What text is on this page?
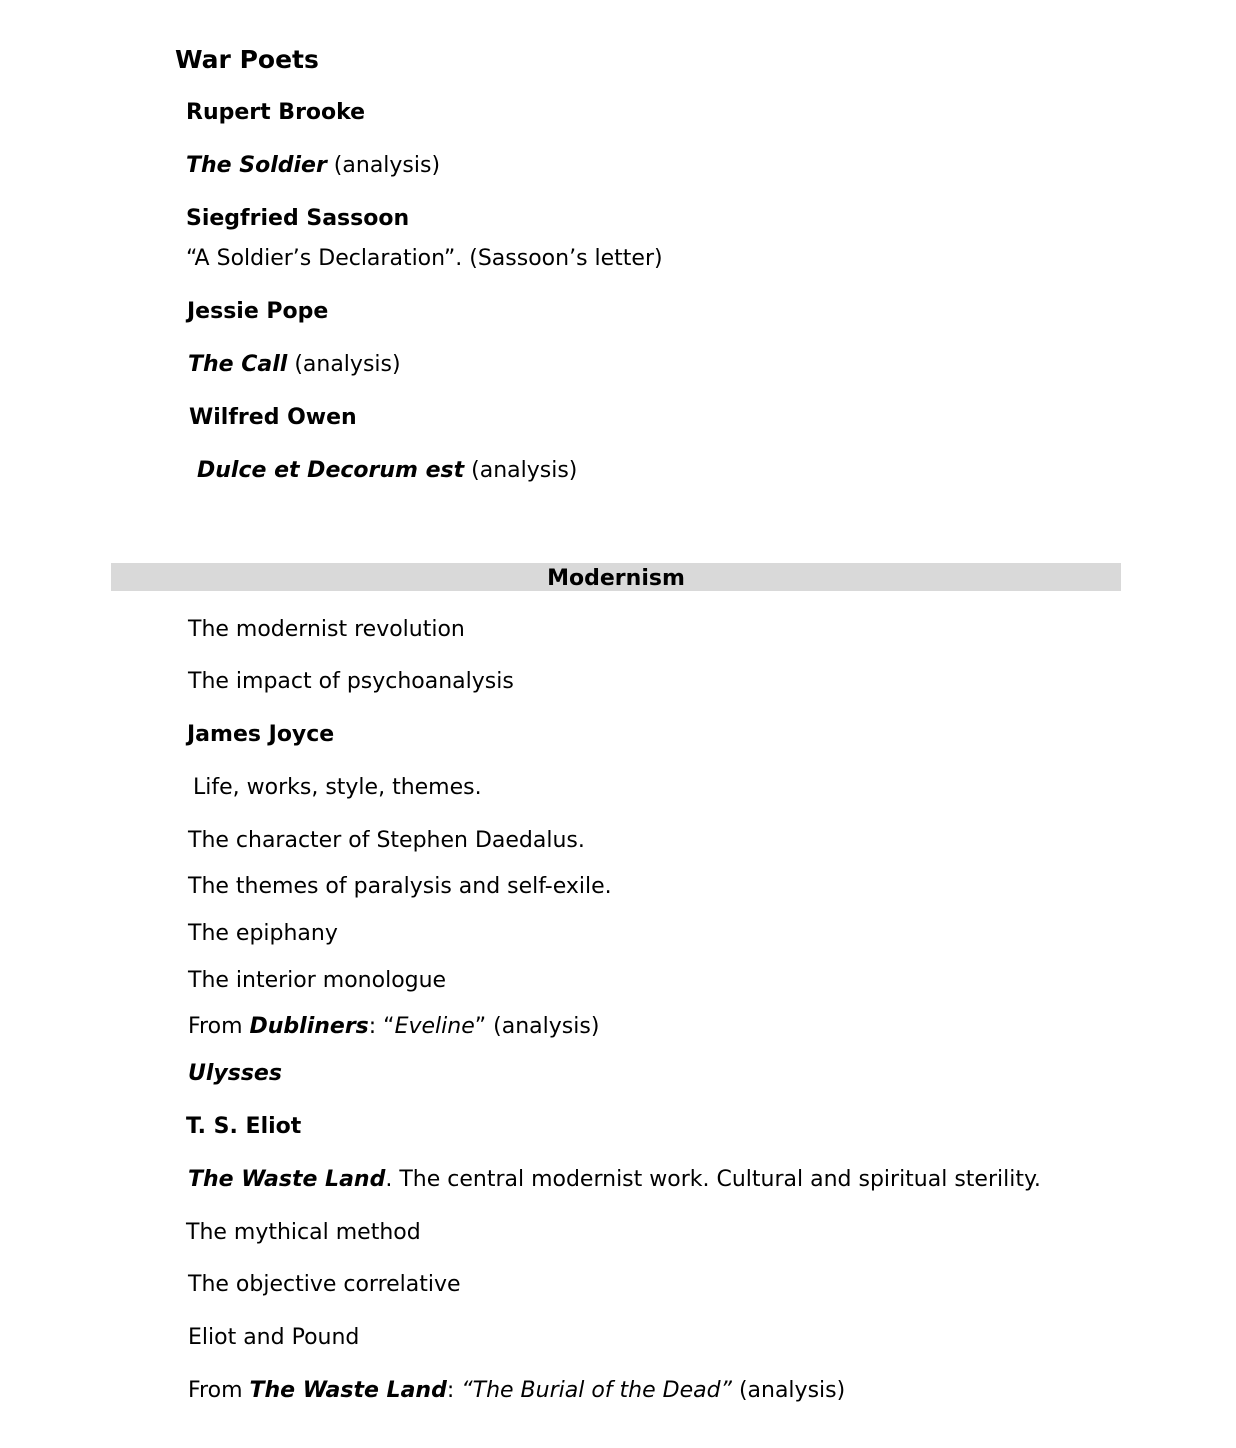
War Poets
Rupert Brooke
The Soldier (analysis)
Siegfried Sassoon
“A Soldier’s Declaration”. (Sassoon’s letter)
Jessie Pope
The Call (analysis)
Wilfred Owen
Dulce et Decorum est (analysis)
Modernism
The modernist revolution
The impact of psychoanalysis
James Joyce
Life, works, style, themes.
The character of Stephen Daedalus.
The themes of paralysis and self-exile.
The epiphany
The interior monologue
From Dubliners: “Eveline” (analysis)
Ulysses
T. S. Eliot
The Waste Land. The central modernist work. Cultural and spiritual sterility.
The mythical method
The objective correlative
Eliot and Pound
From The Waste Land: “The Burial of the Dead” (analysis)
